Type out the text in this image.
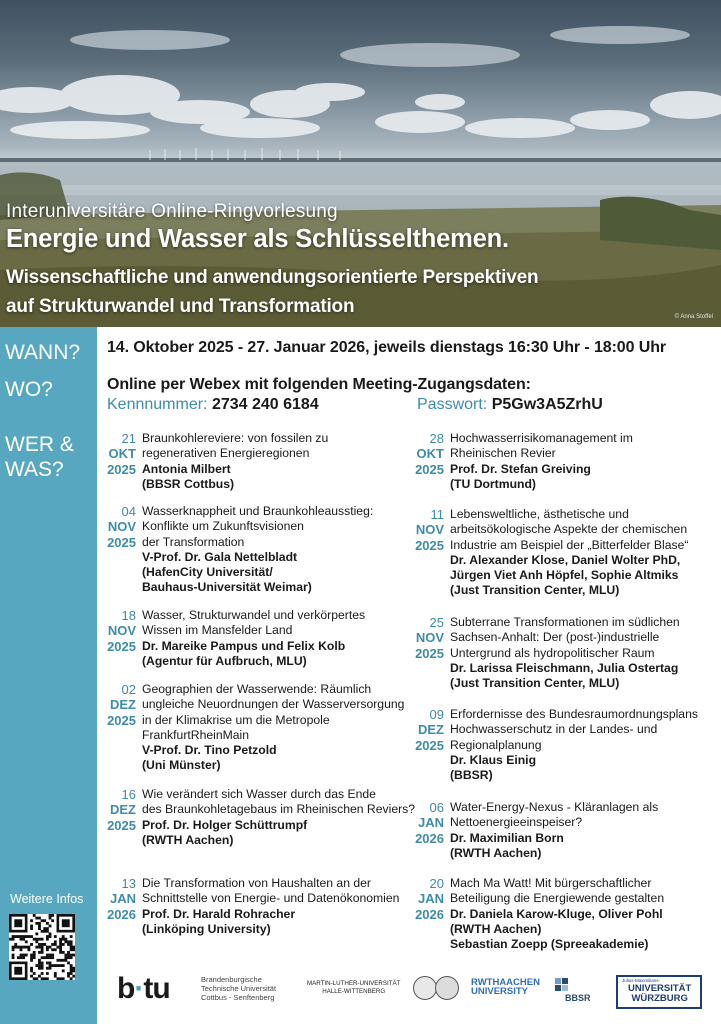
Interuniversitäre Online-Ringvorlesung
Energie und Wasser als Schlüsselthemen.
Wissenschaftliche und anwendungsorientierte Perspektiven
auf Strukturwandel und Transformation	© Anna Stoffel
WANN?
WO?
WER &
WAS?
Weitere Infos
14. Oktober 2025 - 27. Januar 2026, jeweils dienstags 16:30 Uhr - 18:00 Uhr
Online per Webex mit folgenden Meeting-Zugangsdaten:
Kennnummer: 2734 240 6184	Passwort: P5Gw3A5ZrhU
21
OKT
2025
Braunkohlereviere: von fossilen zu
regenerativen Energieregionen
Antonia Milbert
(BBSR Cottbus)
28
OKT
2025
Hochwasserrisikomanagement im
Rheinischen Revier
Prof. Dr. Stefan Greiving
(TU Dortmund)
04
NOV
2025
Wasserknappheit und Braunkohleausstieg:
Konflikte um Zukunftsvisionen
der Transformation
V-Prof. Dr. Gala Nettelbladt
(HafenCity Universität/
Bauhaus-Universität Weimar)
11
NOV
2025
Lebensweltliche, ästhetische und
arbeitsökologische Aspekte der chemischen
Industrie am Beispiel der „Bitterfelder Blase“
Dr. Alexander Klose, Daniel Wolter PhD,
Jürgen Viet Anh Höpfel, Sophie Altmiks
(Just Transition Center, MLU)
18
NOV
2025
Wasser, Strukturwandel und verkörpertes
Wissen im Mansfelder Land
Dr. Mareike Pampus und Felix Kolb
(Agentur für Aufbruch, MLU)
25
NOV
2025
Subterrane Transformationen im südlichen
Sachsen-Anhalt: Der (post-)industrielle
Untergrund als hydropolitischer Raum
Dr. Larissa Fleischmann, Julia Ostertag
(Just Transition Center, MLU)
02
DEZ
2025
Geographien der Wasserwende: Räumlich
ungleiche Neuordnungen der Wasserversorgung
in der Klimakrise um die Metropole
FrankfurtRheinMain
V-Prof. Dr. Tino Petzold
(Uni Münster)
09
DEZ
2025
Erfordernisse des Bundesraumordnungsplans
Hochwasserschutz in der Landes- und
Regionalplanung
Dr. Klaus Einig
(BBSR)
16
DEZ
2025
Wie verändert sich Wasser durch das Ende
des Braunkohletagebaus im Rheinischen Reviers?
Prof. Dr. Holger Schüttrumpf
(RWTH Aachen)
06
JAN
2026
Water-Energy-Nexus - Kläranlagen als
Nettoenergieeinspeiser?
Dr. Maximilian Born
(RWTH Aachen)
13
JAN
2026
Die Transformation von Haushalten an der
Schnittstelle von Energie- und Datenökonomien
Prof. Dr. Harald Rohracher
(Linköping University)
20
JAN
2026
Mach Ma Watt! Mit bürgerschaftlicher
Beteiligung die Energiewende gestalten
Dr. Daniela Karow-Kluge, Oliver Pohl
(RWTH Aachen)
Sebastian Zoepp (Spreeakademie)
b·tu	Brandenburgische
Technische Universität
Cottbus - Senftenberg
MARTIN-LUTHER-UNIVERSITÄT
HALLE-WITTENBERG
RWTHAACHEN
UNIVERSITY
BBSR
Julius-Maximilians-
UNIVERSITÄT
WÜRZBURG
